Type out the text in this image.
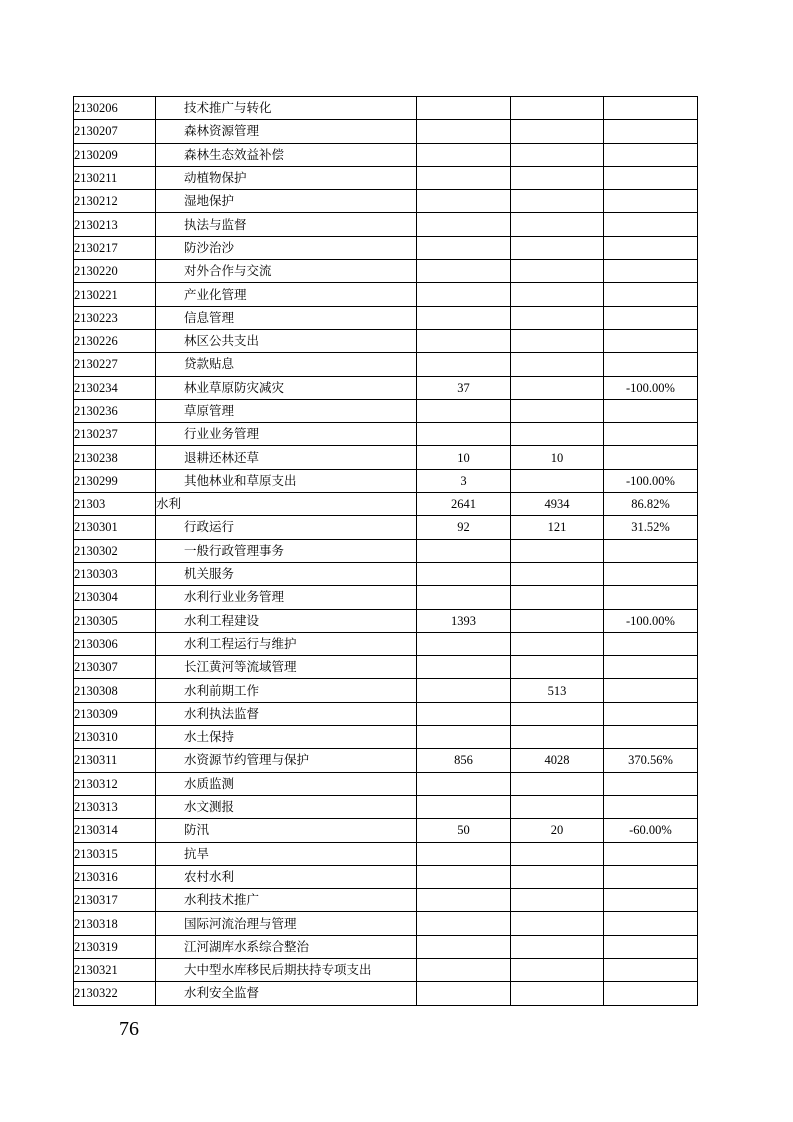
2130206	技术推广与转化			
2130207	森林资源管理			
2130209	森林生态效益补偿			
2130211	动植物保护			
2130212	湿地保护			
2130213	执法与监督			
2130217	防沙治沙			
2130220	对外合作与交流			
2130221	产业化管理			
2130223	信息管理			
2130226	林区公共支出			
2130227	贷款贴息			
2130234	林业草原防灾减灾	37		-100.00%
2130236	草原管理			
2130237	行业业务管理			
2130238	退耕还林还草	10	10	
2130299	其他林业和草原支出	3		-100.00%
21303	水利	2641	4934	86.82%
2130301	行政运行	92	121	31.52%
2130302	一般行政管理事务			
2130303	机关服务			
2130304	水利行业业务管理			
2130305	水利工程建设	1393		-100.00%
2130306	水利工程运行与维护			
2130307	长江黄河等流域管理			
2130308	水利前期工作		513	
2130309	水利执法监督			
2130310	水土保持			
2130311	水资源节约管理与保护	856	4028	370.56%
2130312	水质监测			
2130313	水文测报			
2130314	防汛	50	20	-60.00%
2130315	抗旱			
2130316	农村水利			
2130317	水利技术推广			
2130318	国际河流治理与管理			
2130319	江河湖库水系综合整治			
2130321	大中型水库移民后期扶持专项支出			
2130322	水利安全监督			
76
